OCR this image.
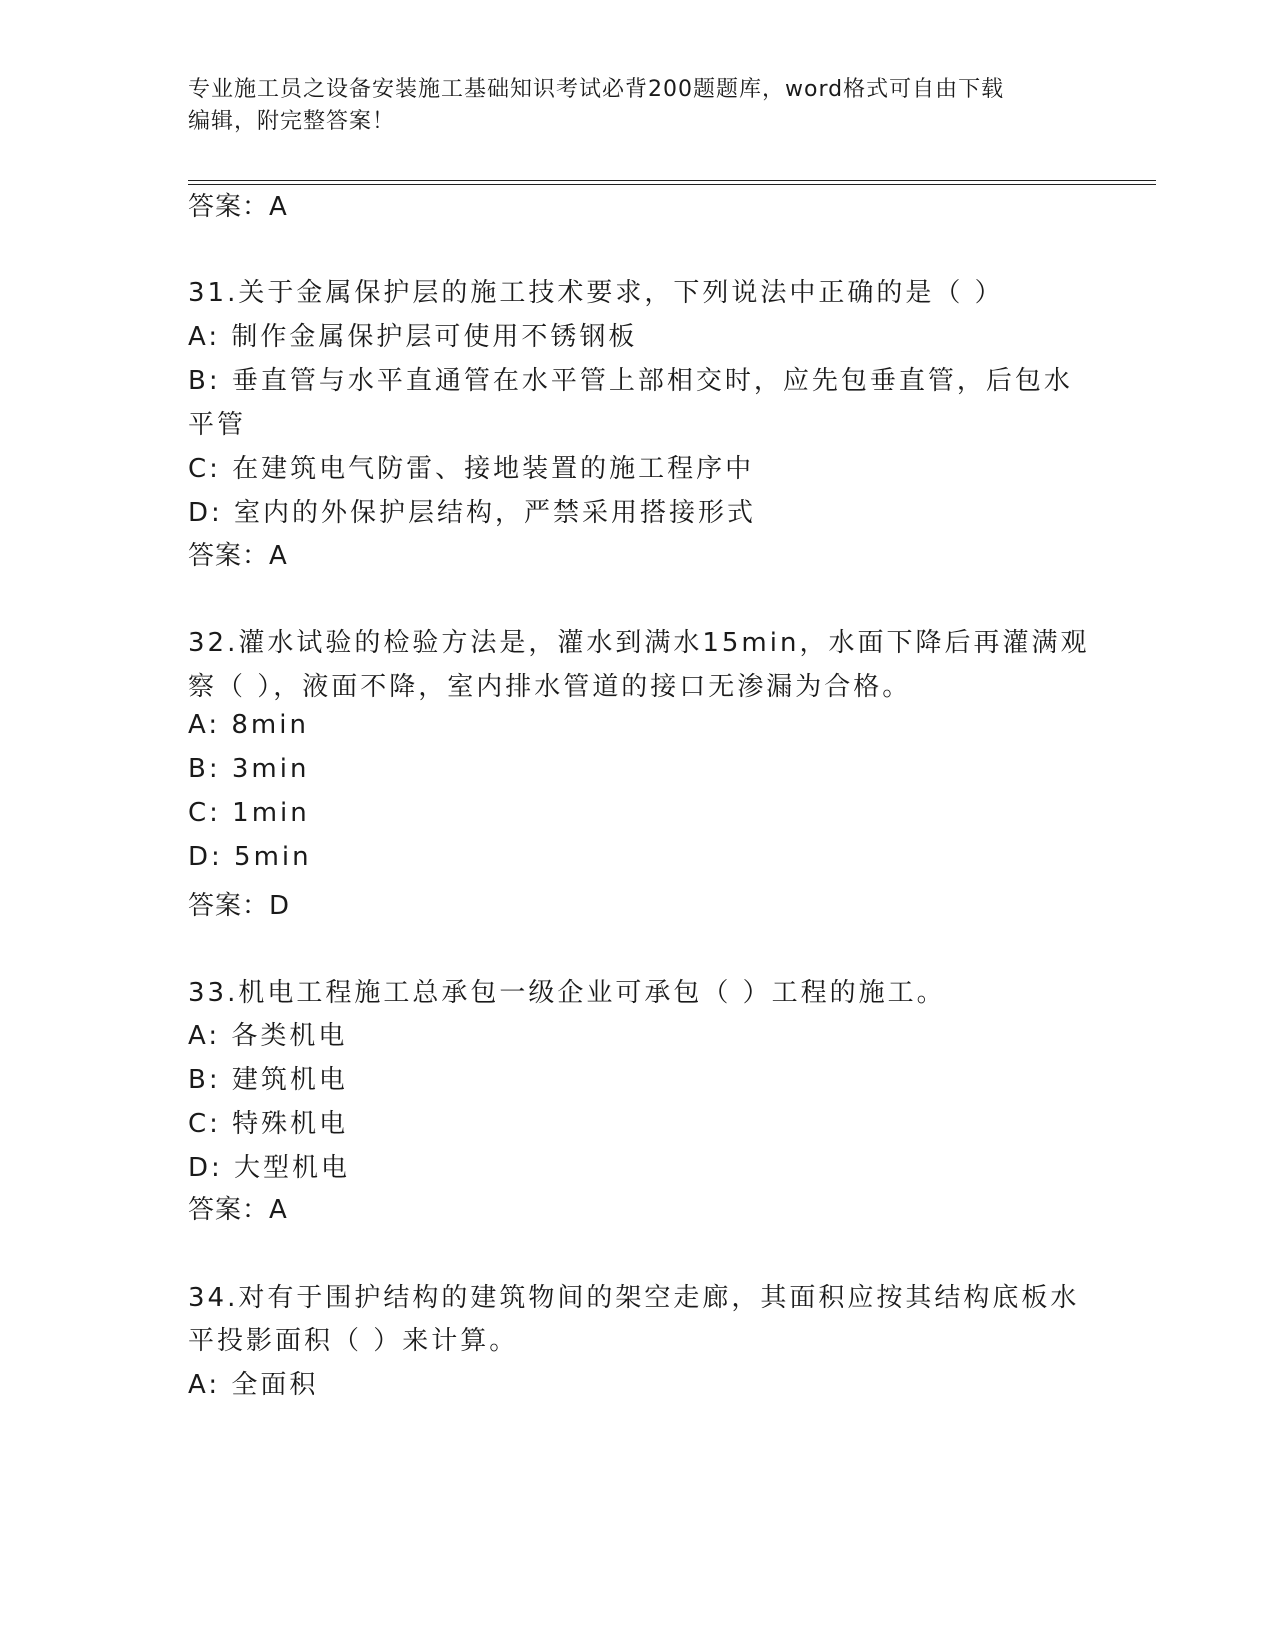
专业施工员之设备安装施工基础知识考试必背200题题库，word格式可自由下载
编辑，附完整答案！
答案：A
31.关于金属保护层的施工技术要求，下列说法中正确的是（ ）
A: 制作金属保护层可使用不锈钢板
B: 垂直管与水平直通管在水平管上部相交时，应先包垂直管，后包水
平管
C: 在建筑电气防雷、接地装置的施工程序中
D: 室内的外保护层结构，严禁采用搭接形式
答案：A
32.灌水试验的检验方法是，灌水到满水15min，水面下降后再灌满观
察（ ），液面不降，室内排水管道的接口无渗漏为合格。
A: 8min
B: 3min
C: 1min
D: 5min
答案：D
33.机电工程施工总承包一级企业可承包（ ）工程的施工。
A: 各类机电
B: 建筑机电
C: 特殊机电
D: 大型机电
答案：A
34.对有于围护结构的建筑物间的架空走廊，其面积应按其结构底板水
平投影面积（ ）来计算。
A: 全面积
